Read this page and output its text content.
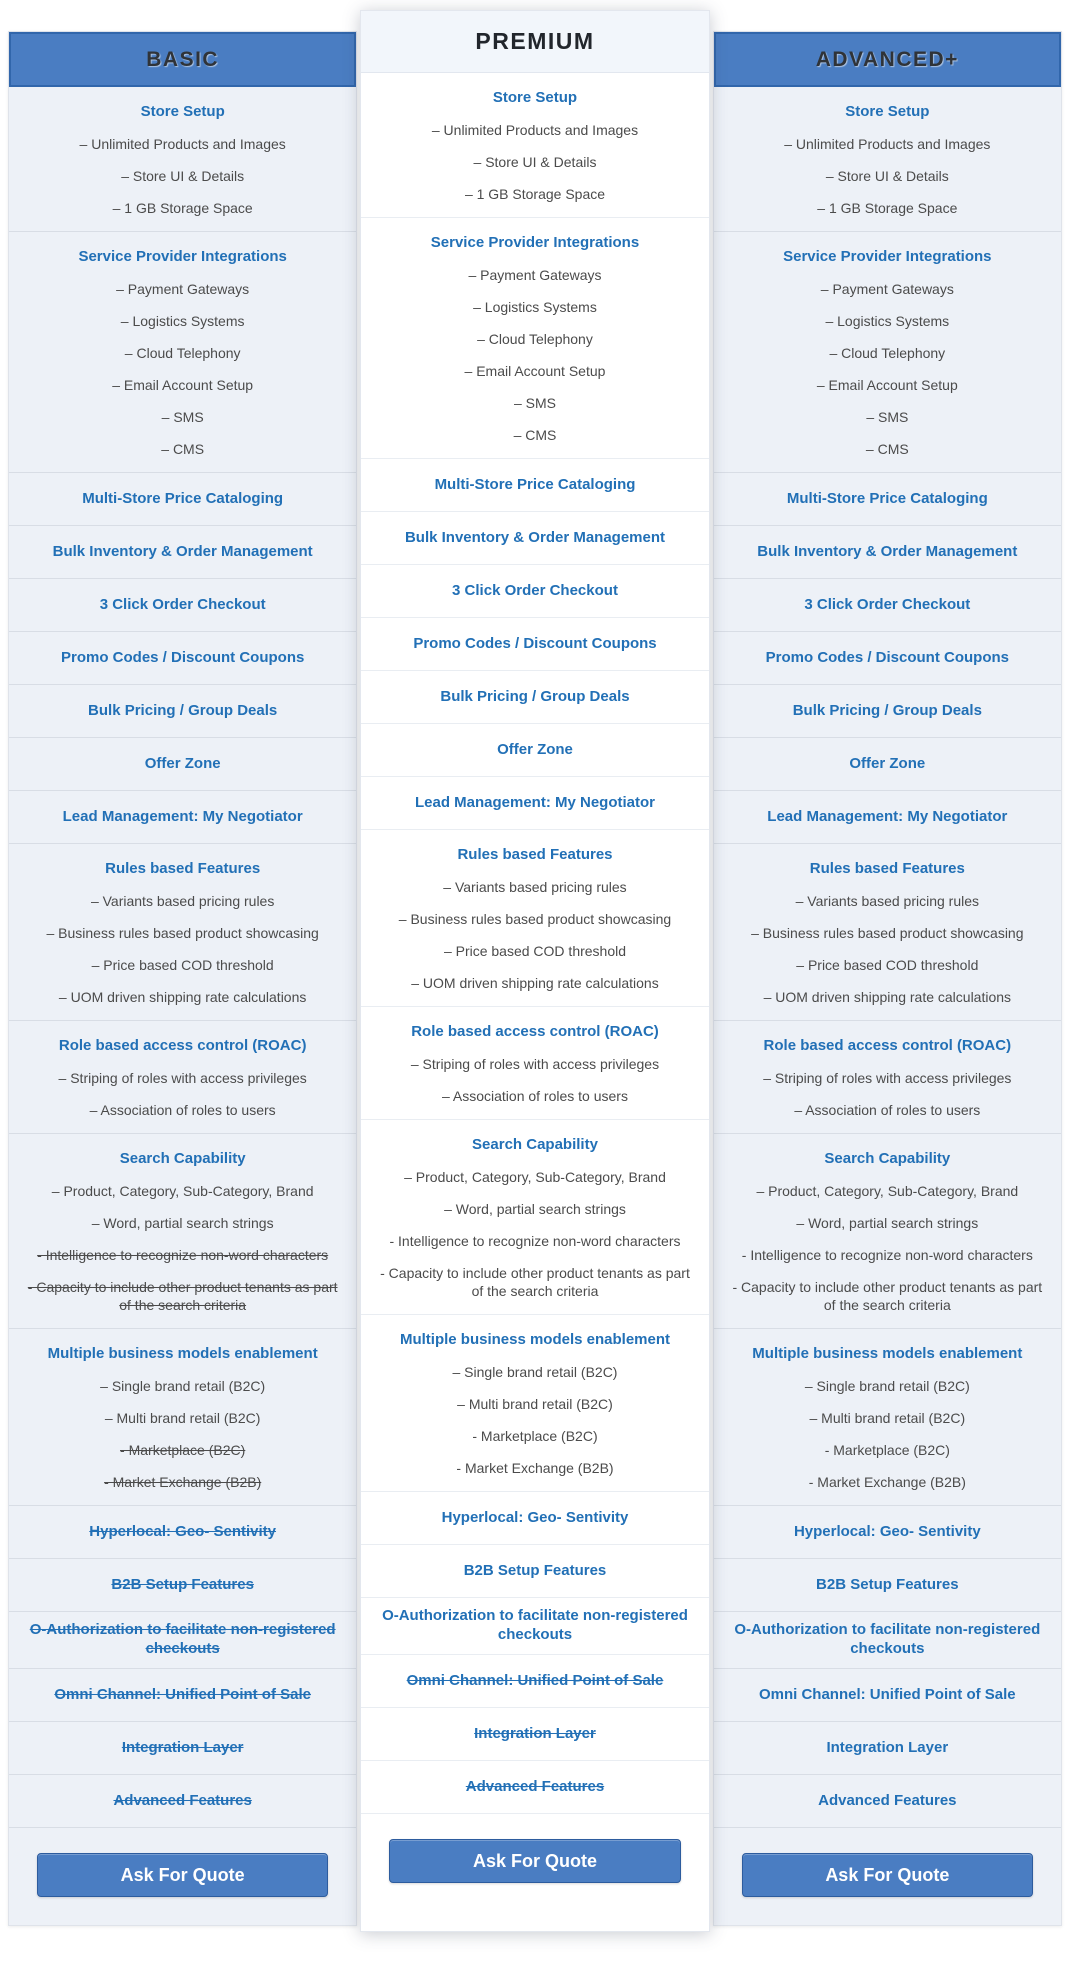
BASIC
Store Setup
– Unlimited Products and Images
– Store UI & Details
– 1 GB Storage Space
Service Provider Integrations
– Payment Gateways
– Logistics Systems
– Cloud Telephony
– Email Account Setup
– SMS
– CMS
Multi-Store Price Cataloging
Bulk Inventory & Order Management
3 Click Order Checkout
Promo Codes / Discount Coupons
Bulk Pricing / Group Deals
Offer Zone
Lead Management: My Negotiator
Rules based Features
– Variants based pricing rules
– Business rules based product showcasing
– Price based COD threshold
– UOM driven shipping rate calculations
Role based access control (ROAC)
– Striping of roles with access privileges
– Association of roles to users
Search Capability
– Product, Category, Sub-Category, Brand
– Word, partial search strings
- Intelligence to recognize non-word characters
- Capacity to include other product tenants as part of the search criteria
Multiple business models enablement
– Single brand retail (B2C)
– Multi brand retail (B2C)
- Marketplace (B2C)
- Market Exchange (B2B)
Hyperlocal: Geo- Sentivity
B2B Setup Features
O-Authorization to facilitate non-registered checkouts
Omni Channel: Unified Point of Sale
Integration Layer
Advanced Features
Ask For Quote
PREMIUM
Store Setup
– Unlimited Products and Images
– Store UI & Details
– 1 GB Storage Space
Service Provider Integrations
– Payment Gateways
– Logistics Systems
– Cloud Telephony
– Email Account Setup
– SMS
– CMS
Multi-Store Price Cataloging
Bulk Inventory & Order Management
3 Click Order Checkout
Promo Codes / Discount Coupons
Bulk Pricing / Group Deals
Offer Zone
Lead Management: My Negotiator
Rules based Features
– Variants based pricing rules
– Business rules based product showcasing
– Price based COD threshold
– UOM driven shipping rate calculations
Role based access control (ROAC)
– Striping of roles with access privileges
– Association of roles to users
Search Capability
– Product, Category, Sub-Category, Brand
– Word, partial search strings
- Intelligence to recognize non-word characters
- Capacity to include other product tenants as part of the search criteria
Multiple business models enablement
– Single brand retail (B2C)
– Multi brand retail (B2C)
- Marketplace (B2C)
- Market Exchange (B2B)
Hyperlocal: Geo- Sentivity
B2B Setup Features
O-Authorization to facilitate non-registered checkouts
Omni Channel: Unified Point of Sale
Integration Layer
Advanced Features
Ask For Quote
ADVANCED+
Store Setup
– Unlimited Products and Images
– Store UI & Details
– 1 GB Storage Space
Service Provider Integrations
– Payment Gateways
– Logistics Systems
– Cloud Telephony
– Email Account Setup
– SMS
– CMS
Multi-Store Price Cataloging
Bulk Inventory & Order Management
3 Click Order Checkout
Promo Codes / Discount Coupons
Bulk Pricing / Group Deals
Offer Zone
Lead Management: My Negotiator
Rules based Features
– Variants based pricing rules
– Business rules based product showcasing
– Price based COD threshold
– UOM driven shipping rate calculations
Role based access control (ROAC)
– Striping of roles with access privileges
– Association of roles to users
Search Capability
– Product, Category, Sub-Category, Brand
– Word, partial search strings
- Intelligence to recognize non-word characters
- Capacity to include other product tenants as part of the search criteria
Multiple business models enablement
– Single brand retail (B2C)
– Multi brand retail (B2C)
- Marketplace (B2C)
- Market Exchange (B2B)
Hyperlocal: Geo- Sentivity
B2B Setup Features
O-Authorization to facilitate non-registered checkouts
Omni Channel: Unified Point of Sale
Integration Layer
Advanced Features
Ask For Quote
